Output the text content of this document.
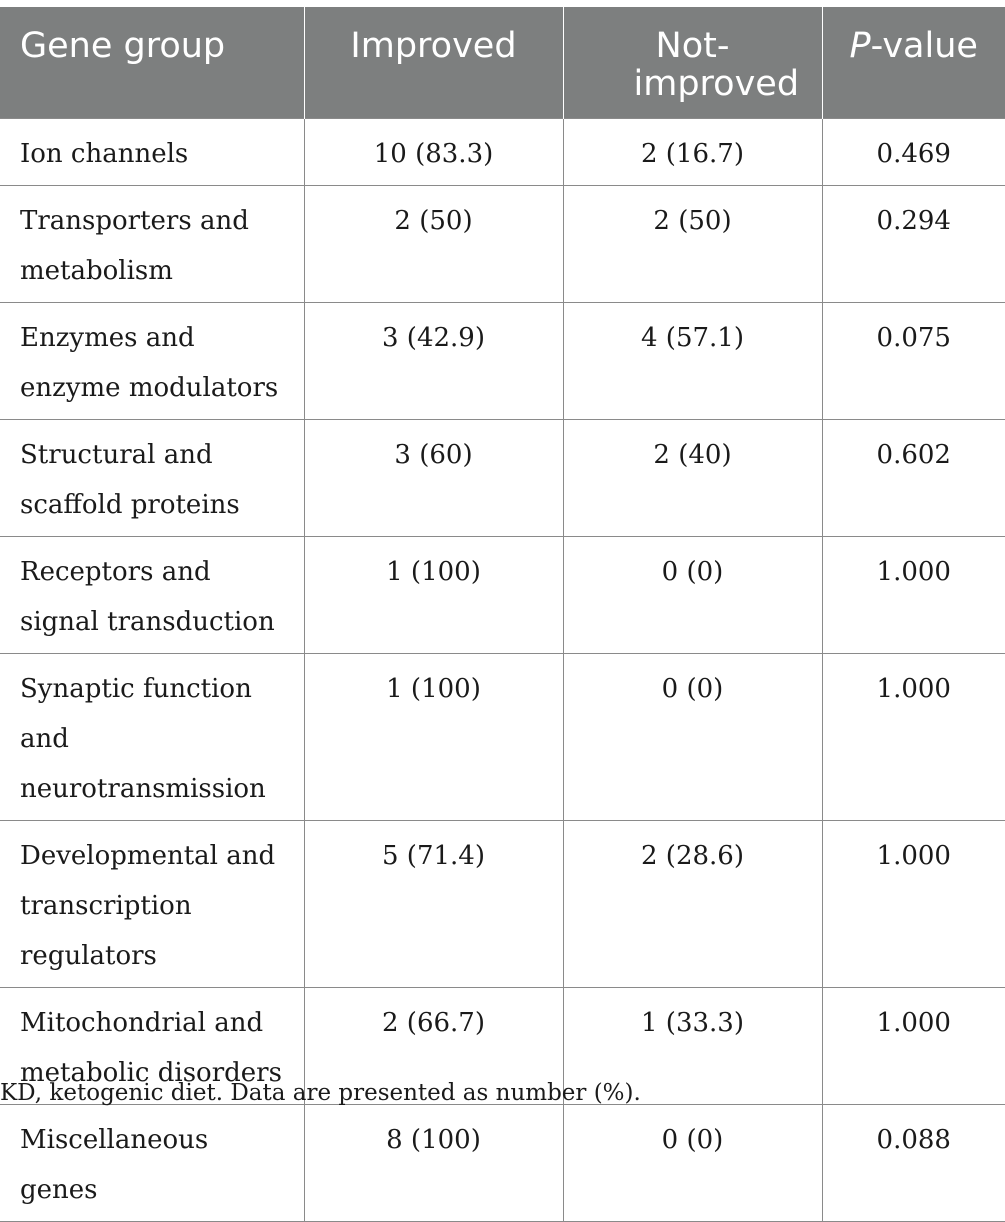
Gene group	Improved	Not-improved	P-value

Ion channels	10 (83.3)	2 (16.7)	0.469
Transporters and metabolism	2 (50)	2 (50)	0.294
Enzymes and enzyme modulators	3 (42.9)	4 (57.1)	0.075
Structural and scaffold proteins	3 (60)	2 (40)	0.602
Receptors and signal transduction	1 (100)	0 (0)	1.000
Synaptic function and neurotransmission	1 (100)	0 (0)	1.000
Developmental and transcription regulators	5 (71.4)	2 (28.6)	1.000
Mitochondrial and metabolic disorders	2 (66.7)	1 (33.3)	1.000
Miscellaneous genes	8 (100)	0 (0)	0.088
KD, ketogenic diet. Data are presented as number (%).
